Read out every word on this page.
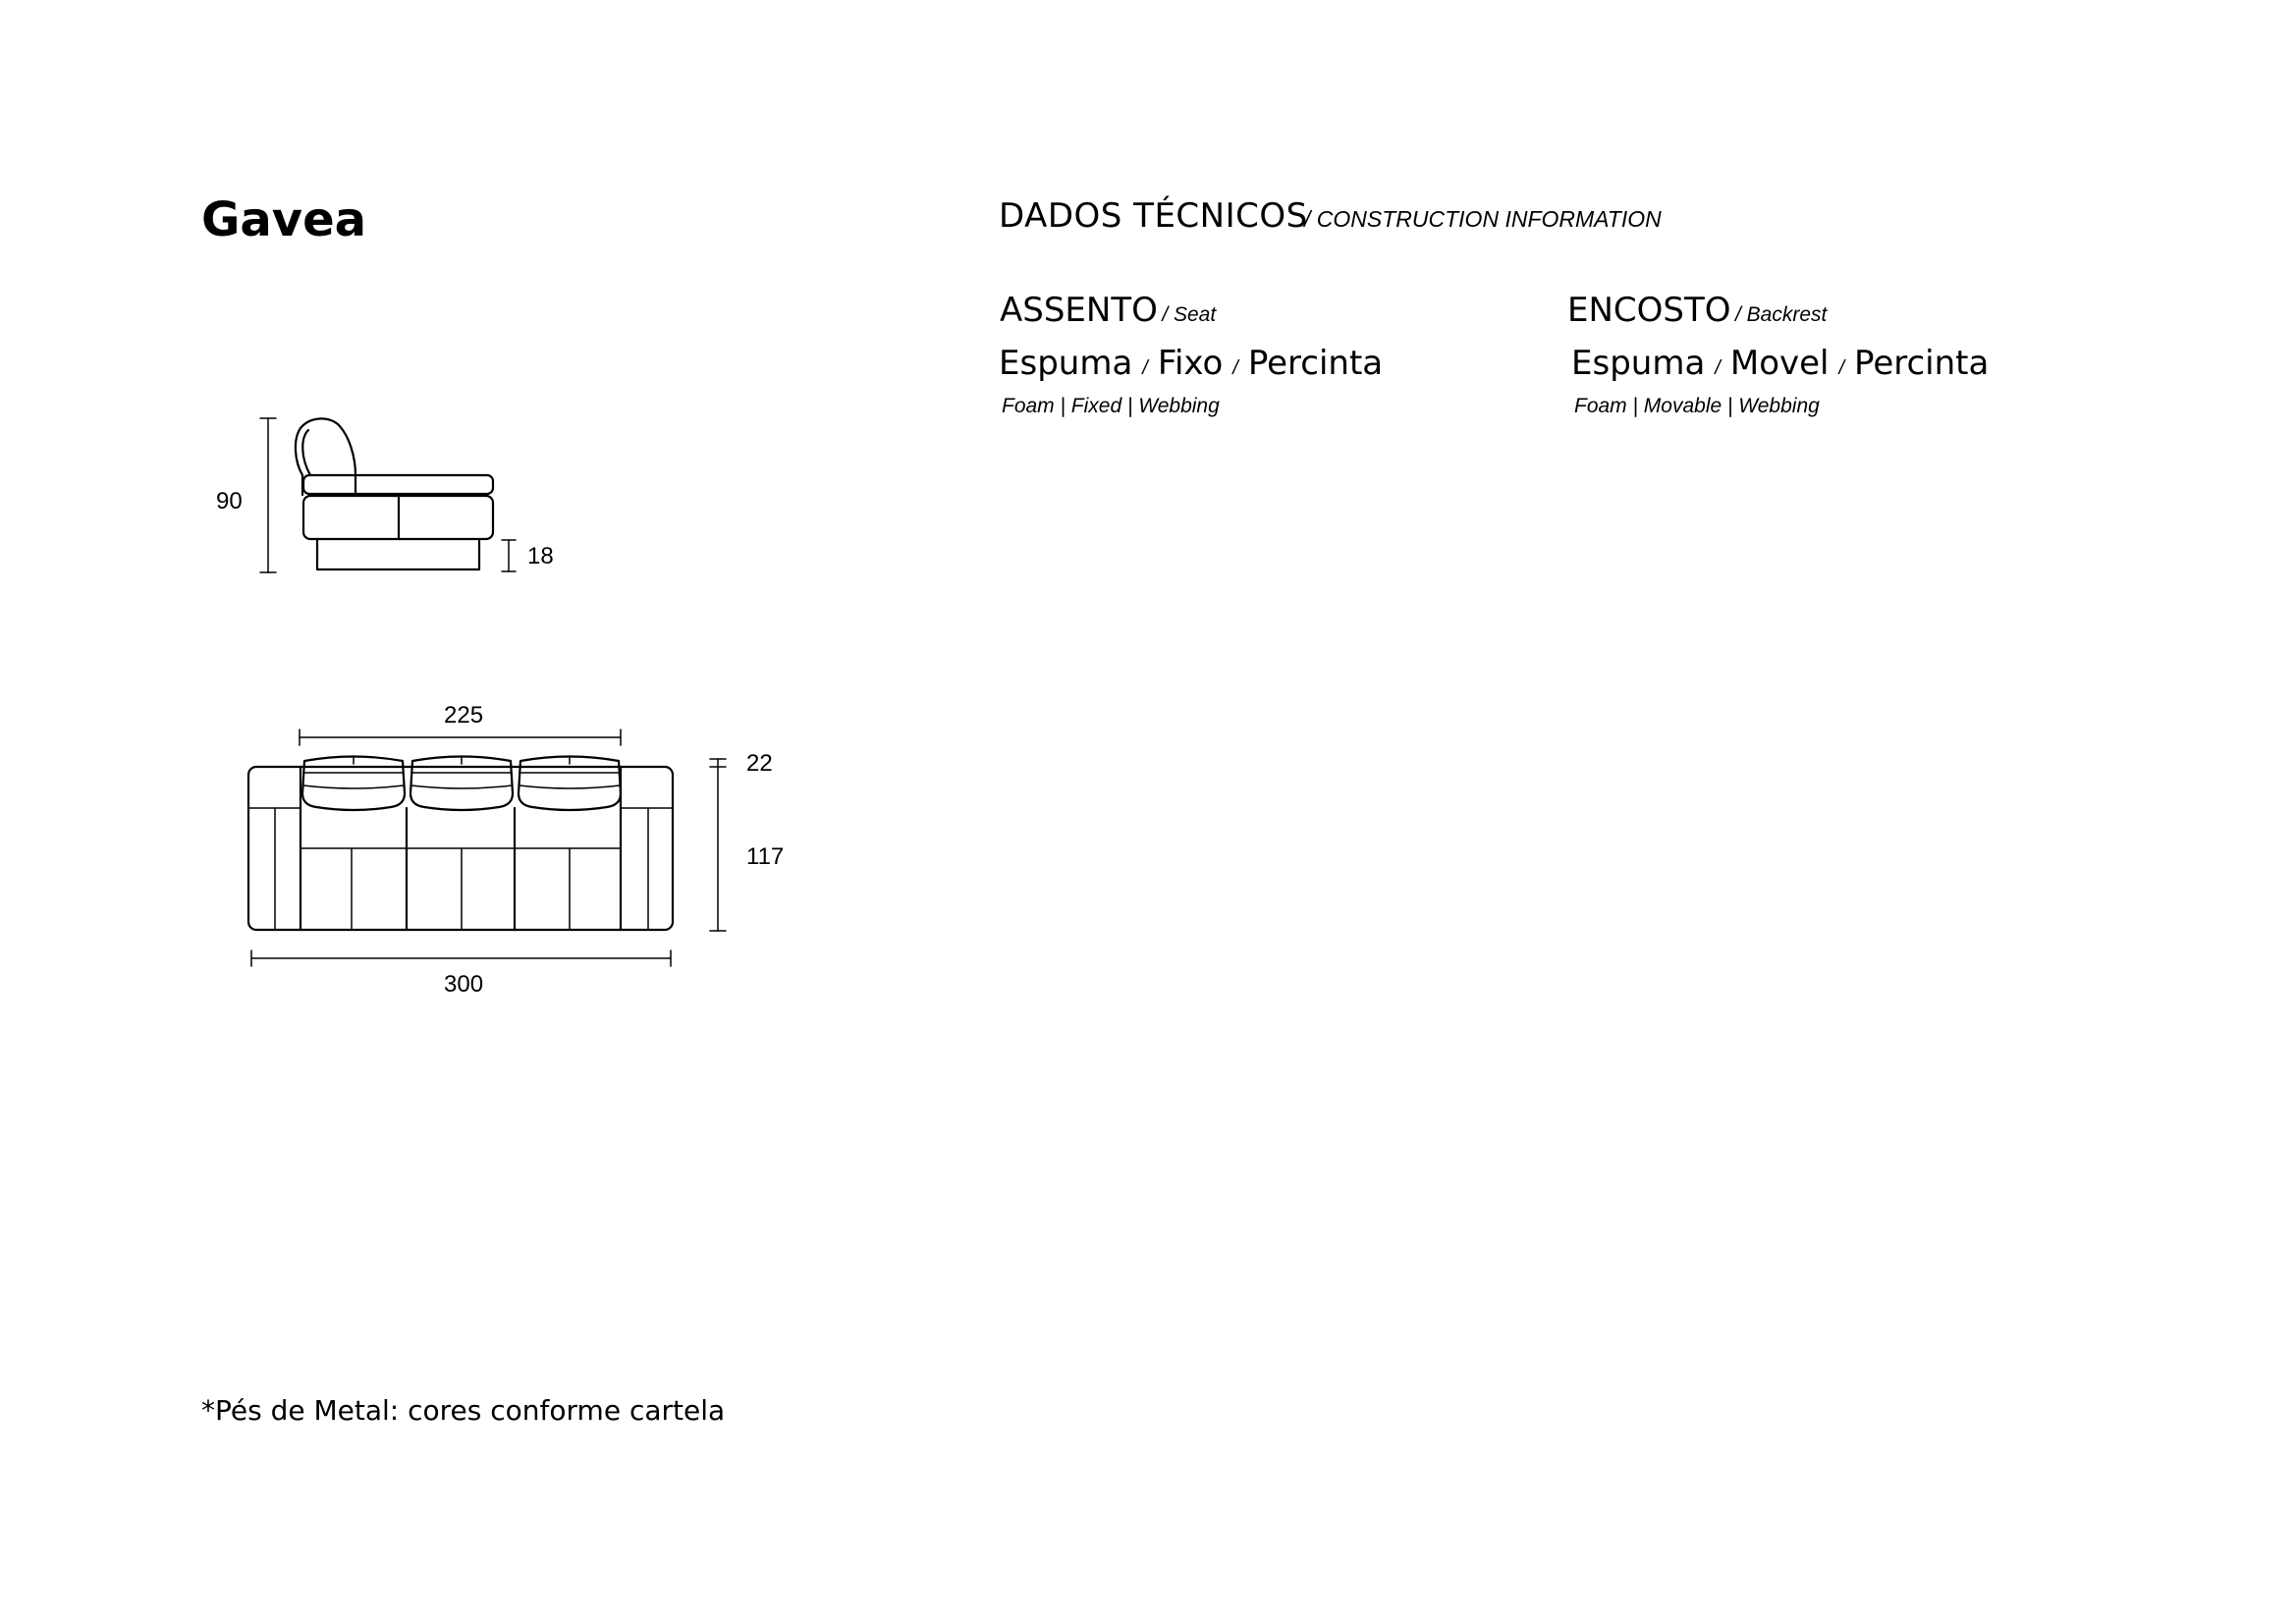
Gavea	DADOS TÉCNICOS
/ CONSTRUCTION INFORMATION
ASSENTO / Seat
Espuma / Fixo / Percinta
Foam | Fixed | Webbing
ENCOSTO / Backrest
Espuma / Movel / Percinta
Foam | Movable | Webbing
90
18
225
22
117
300
*Pés de Metal: cores conforme cartela
